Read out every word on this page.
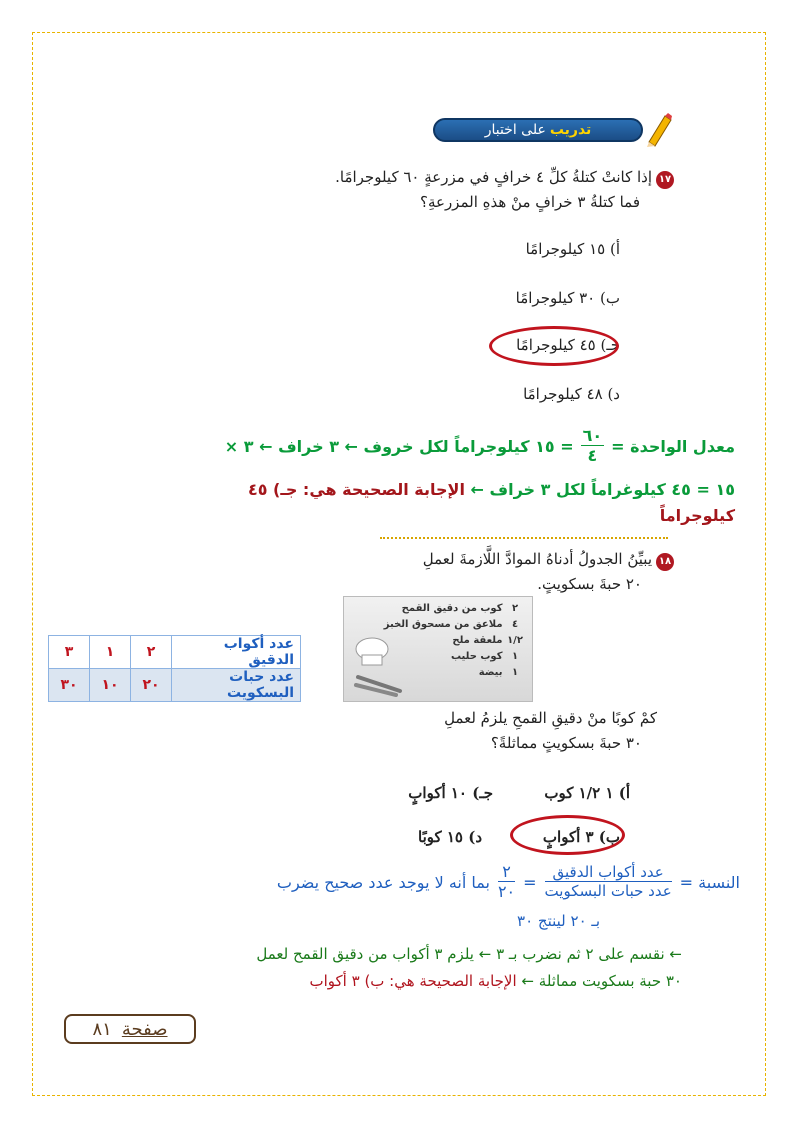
تدريب
على اختبار
١٧
إذا كانتْ كتلةُ كلِّ ٤ خرافٍ في مزرعةٍ ٦٠ كيلوجرامًا.
فما كتلةُ ٣ خرافٍ منْ هذهِ المزرعةِ؟
أ) ١٥ كيلوجرامًا
ب) ٣٠ كيلوجرامًا
جـ) ٤٥ كيلوجرامًا
د) ٤٨ كيلوجرامًا
معدل الواحدة =
$\frac{٦٠}{٤}$
= ١٥ كيلوجراماً لكل خروف ← ٣ خراف ← ٣ ×
١٥ = ٤٥ كيلوغراماً لكل ٣ خراف ← الإجابة الصحيحة هي: جـ) ٤٥
كيلوجراماً
١٨
يبيِّنُ الجدولُ أدناهُ الموادَّ اللَّازمةَ لعملِ
٢٠ حبةَ بسكويتٍ.
٢ كوب من دقيق القمح
٤ ملاعق من مسحوق الخبز
١/٢ ملعقة ملح
١ كوب حليب
١ بيضة
كمْ كوبًا منْ دقيقِ القمحِ يلزمُ لعملِ
٣٠ حبةَ بسكويتٍ مماثلةً؟
عدد أكواب الدقيق	٢	١	٣
عدد حبات البسكويت	٢٠	١٠	٣٠
أ) ١ ١/٢ كوب
جـ) ١٠ أكوابٍ
ب) ٣ أكوابٍ
د) ١٥ كوبًا
النسبة =
$\frac{\text{عدد أكواب الدقيق}}{\text{عدد حبات البسكويت}}$
=
$\frac{٢}{٢٠}$
بما أنه لا يوجد عدد صحيح يضرب
بـ ٢٠ لينتج ٣٠
← نقسم على ٢ ثم نضرب بـ ٣ ← يلزم ٣ أكواب من دقيق القمح لعمل
٣٠ حبة بسكويت مماثلة ← الإجابة الصحيحة هي: ب) ٣ أكواب
صفحة
٨١
